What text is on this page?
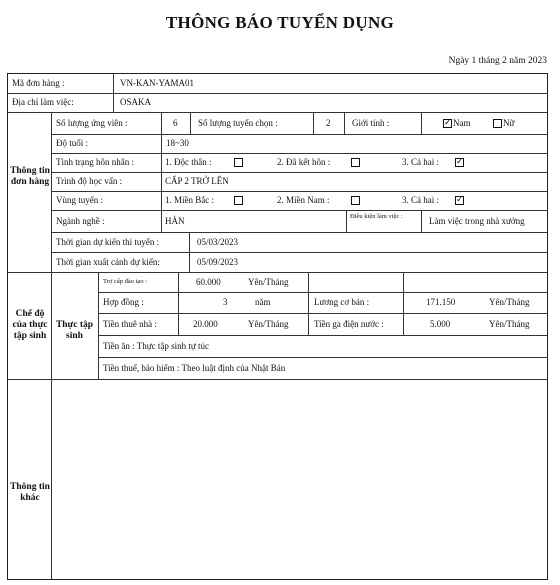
THÔNG BÁO TUYỂN DỤNG
Ngày 1 tháng 2 năm 2023
Mã đơn hàng :	VN-KAN-YAMA01
Địa chỉ làm việc:	OSAKA
Thông tin đơn hàng
Số lượng ứng viên :	6 Số lượng tuyển chọn :	2 Giới tính :	✓ Nam	Nữ
Độ tuổi :	18~30
Tình trạng hôn nhân :	1. Độc thân :	2. Đã kết hôn :	3. Cả hai : ✓
Trình độ học vấn :	CẤP 2 TRỞ LÊN
Vùng tuyển :	1. Miền Bắc :	2. Miền Nam :	3. Cả hai : ✓
Ngành nghề :	HÀN	Điều kiện làm việc :	Làm việc trong nhà xưởng
Thời gian dự kiến thi tuyển :	05/03/2023
Thời gian xuất cảnh dự kiến:	05/09/2023
Chế độ của thực tập sinh
Thực tập sinh
Trợ cấp đào tạo :	60.000	Yên/Tháng
Hợp đồng :	3	năm	Lương cơ bản :	171.150	Yên/Tháng
Tiền thuê nhà :	20.000	Yên/Tháng	Tiền ga điện nước :	5.000	Yên/Tháng
Tiền ăn : Thực tập sinh tự túc
Tiền thuế, bảo hiểm : Theo luật định của Nhật Bản
Thông tin khác
